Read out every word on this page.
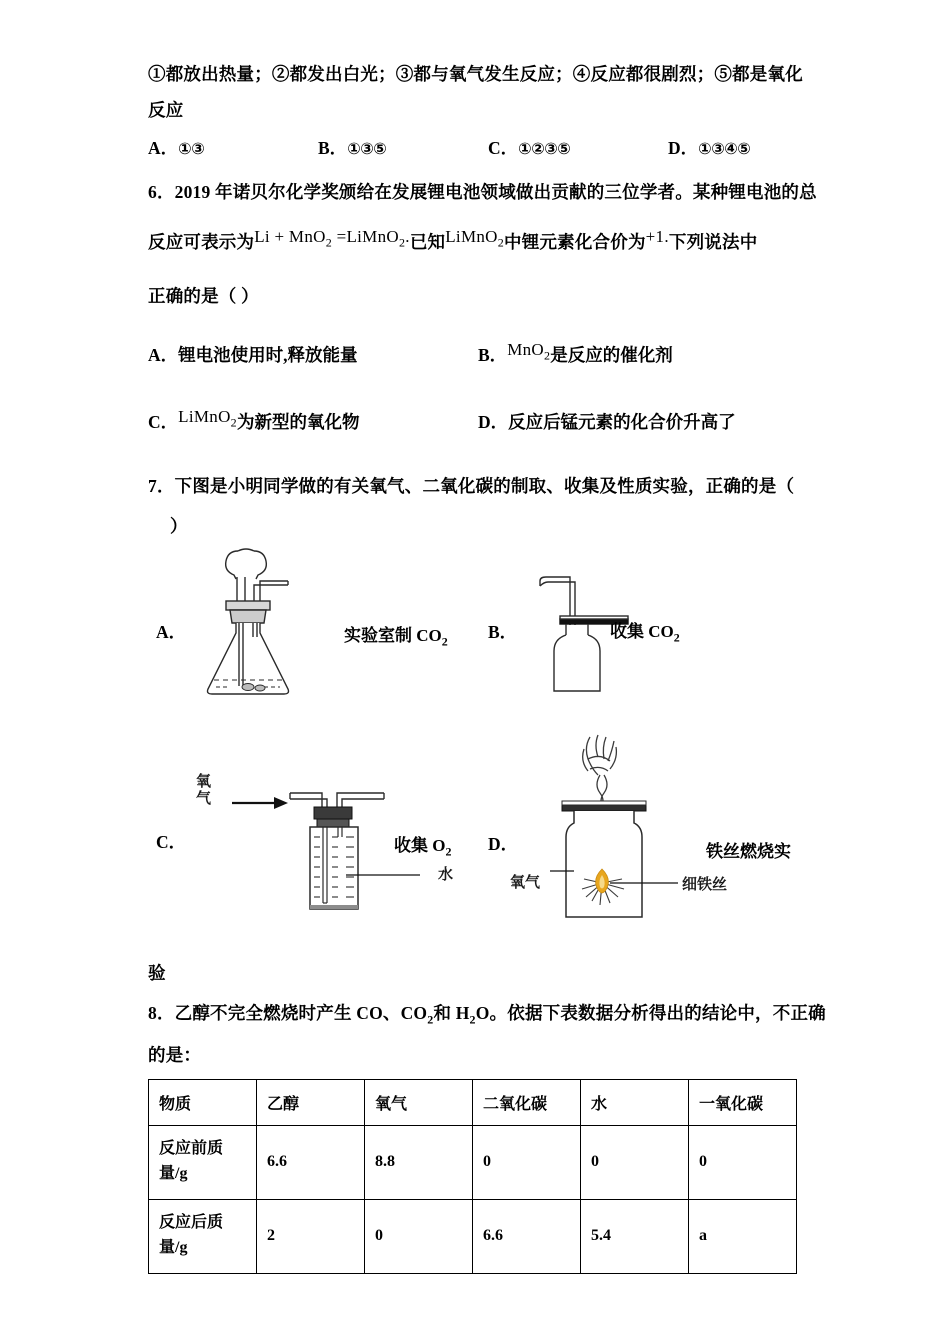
①都放出热量；②都发出白光；③都与氧气发生反应；④反应都很剧烈；⑤都是氧化
反应
A．①③	B．①③⑤	C．①②③⑤	D．①③④⑤
6．2019 年诺贝尔化学奖颁给在发展锂电池领域做出贡献的三位学者。某种锂电池的总
反应可表示为Li + MnO$_2$ =LiMnO$_2$.已知LiMnO$_2$中锂元素化合价为+1.下列说法中
正确的是（ ）
A．锂电池使用时,释放能量	B．MnO$_2$是反应的催化剂
C．LiMnO$_2$为新型的氧化物	D．反应后锰元素的化合价升高了
7．下图是小明同学做的有关氧气、二氧化碳的制取、收集及性质实验，正确的是（
）
A．	实验室制 $CO_2$ B．	收集 $CO_2$
氧
气
C．
水
收集 $O_2$ D．
氧气	细铁丝
铁丝燃烧实
验
8．乙醇不完全燃烧时产生 CO、$CO_2$和 $H_2O$。依据下表数据分析得出的结论中，不正确
的是：
物质	乙醇	氧气	二氧化碳	水	一氧化碳
反应前质
量/g	6.6	8.8	0	0	0
反应后质
量/g	2	0	6.6	5.4	a
